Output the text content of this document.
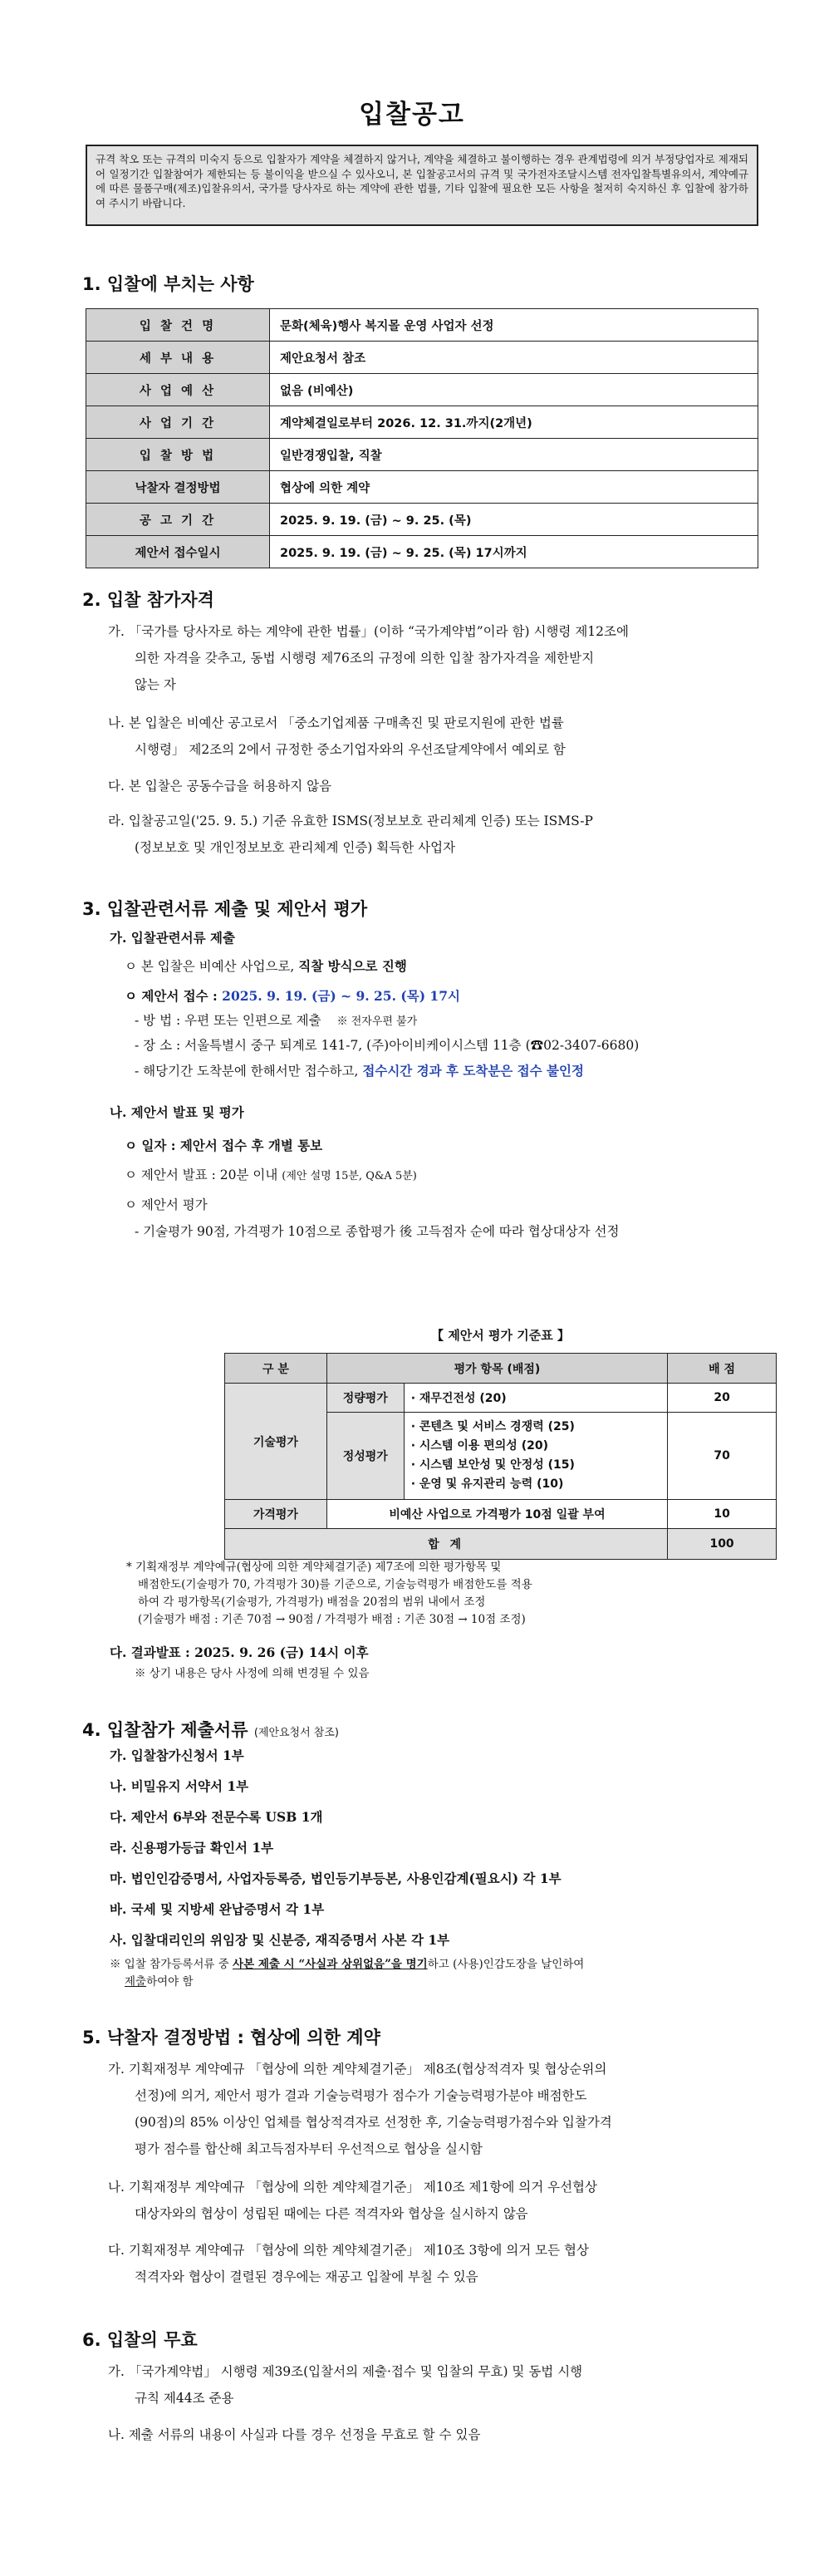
입찰공고
규격 착오 또는 규격의 미숙지 등으로 입찰자가 계약을 체결하지 않거나, 계약을 체결하고 불이행하는 경우 관계법령에 의거 부정당업자로 제재되어 일정기간 입찰참여가 제한되는 등 불이익을 받으실 수 있사오니, 본 입찰공고서의 규격 및 국가전자조달시스템 전자입찰특별유의서, 계약예규에 따른 물품구매(제조)입찰유의서, 국가를 당사자로 하는 계약에 관한 법률, 기타 입찰에 필요한 모든 사항을 철저히 숙지하신 후 입찰에 참가하여 주시기 바랍니다.
1. 입찰에 부치는 사항
입 찰 건 명	문화(체육)행사 복지몰 운영 사업자 선정
세 부 내 용	제안요청서 참조
사 업 예 산	없음 (비예산)
사 업 기 간	계약체결일로부터 2026. 12. 31.까지(2개년)
입 찰 방 법	일반경쟁입찰, 직찰
낙찰자 결정방법	협상에 의한 계약
공 고 기 간	2025. 9. 19. (금) ~ 9. 25. (목)
제안서 접수일시	2025. 9. 19. (금) ~ 9. 25. (목) 17시까지
2. 입찰 참가자격
가. 「국가를 당사자로 하는 계약에 관한 법률」(이하 “국가계약법”이라 함) 시행령 제12조에
의한 자격을 갖추고, 동법 시행령 제76조의 규정에 의한 입찰 참가자격을 제한받지
않는 자
나. 본 입찰은 비예산 공고로서 「중소기업제품 구매촉진 및 판로지원에 관한 법률
시행령」 제2조의 2에서 규정한 중소기업자와의 우선조달계약에서 예외로 함
다. 본 입찰은 공동수급을 허용하지 않음
라. 입찰공고일('25. 9. 5.) 기준 유효한 ISMS(정보보호 관리체계 인증) 또는 ISMS-P
(정보보호 및 개인정보보호 관리체계 인증) 획득한 사업자
3. 입찰관련서류 제출 및 제안서 평가
가. 입찰관련서류 제출
ㅇ 본 입찰은 비예산 사업으로, 직찰 방식으로 진행
ㅇ 제안서 접수 : 2025. 9. 19. (금) ~ 9. 25. (목) 17시
- 방 법 : 우편 또는 인편으로 제출 ※ 전자우편 불가
- 장 소 : 서울특별시 중구 퇴계로 141-7, (주)아이비케이시스템 11층 (☎02-3407-6680)
- 해당기간 도착분에 한해서만 접수하고, 접수시간 경과 후 도착분은 접수 불인정
나. 제안서 발표 및 평가
ㅇ 일자 : 제안서 접수 후 개별 통보
ㅇ 제안서 발표 : 20분 이내 (제안 설명 15분, Q&A 5분)
ㅇ 제안서 평가
- 기술평가 90점, 가격평가 10점으로 종합평가 後 고득점자 순에 따라 협상대상자 선정
【 제안서 평가 기준표 】
구 분	평가 항목 (배점)		배 점
기술평가	정량평가	· 재무건전성 (20)	20
	정성평가	· 콘텐츠 및 서비스 경쟁력 (25)
· 시스템 이용 편의성 (20)
· 시스템 보안성 및 안정성 (15)
· 운영 및 유지관리 능력 (10)	70
가격평가	비예산 사업으로 가격평가 10점 일괄 부여		10
합 계			100
* 기획재정부 계약예규(협상에 의한 계약체결기준) 제7조에 의한 평가항목 및
배점한도(기술평가 70, 가격평가 30)를 기준으로, 기술능력평가 배점한도를 적용
하여 각 평가항목(기술평가, 가격평가) 배점을 20점의 범위 내에서 조정
(기술평가 배점 : 기존 70점 → 90점 / 가격평가 배점 : 기존 30점 → 10점 조정)
다. 결과발표 : 2025. 9. 26 (금) 14시 이후
※ 상기 내용은 당사 사정에 의해 변경될 수 있음
4. 입찰참가 제출서류 (제안요청서 참조)
가. 입찰참가신청서 1부
나. 비밀유지 서약서 1부
다. 제안서 6부와 전문수록 USB 1개
라. 신용평가등급 확인서 1부
마. 법인인감증명서, 사업자등록증, 법인등기부등본, 사용인감계(필요시) 각 1부
바. 국세 및 지방세 완납증명서 각 1부
사. 입찰대리인의 위임장 및 신분증, 재직증명서 사본 각 1부
※ 입찰 참가등록서류 중 사본 제출 시 “사실과 상위없음”을 명기하고 (사용)인감도장을 날인하여
제출하여야 함
5. 낙찰자 결정방법 : 협상에 의한 계약
가. 기획재정부 계약예규 「협상에 의한 계약체결기준」 제8조(협상적격자 및 협상순위의
선정)에 의거, 제안서 평가 결과 기술능력평가 점수가 기술능력평가분야 배점한도
(90점)의 85% 이상인 업체를 협상적격자로 선정한 후, 기술능력평가점수와 입찰가격
평가 점수를 합산해 최고득점자부터 우선적으로 협상을 실시함
나. 기획재정부 계약예규 「협상에 의한 계약체결기준」 제10조 제1항에 의거 우선협상
대상자와의 협상이 성립된 때에는 다른 적격자와 협상을 실시하지 않음
다. 기획재정부 계약예규 「협상에 의한 계약체결기준」 제10조 3항에 의거 모든 협상
적격자와 협상이 결렬된 경우에는 재공고 입찰에 부칠 수 있음
6. 입찰의 무효
가. 「국가계약법」 시행령 제39조(입찰서의 제출·접수 및 입찰의 무효) 및 동법 시행
규칙 제44조 준용
나. 제출 서류의 내용이 사실과 다를 경우 선정을 무효로 할 수 있음
